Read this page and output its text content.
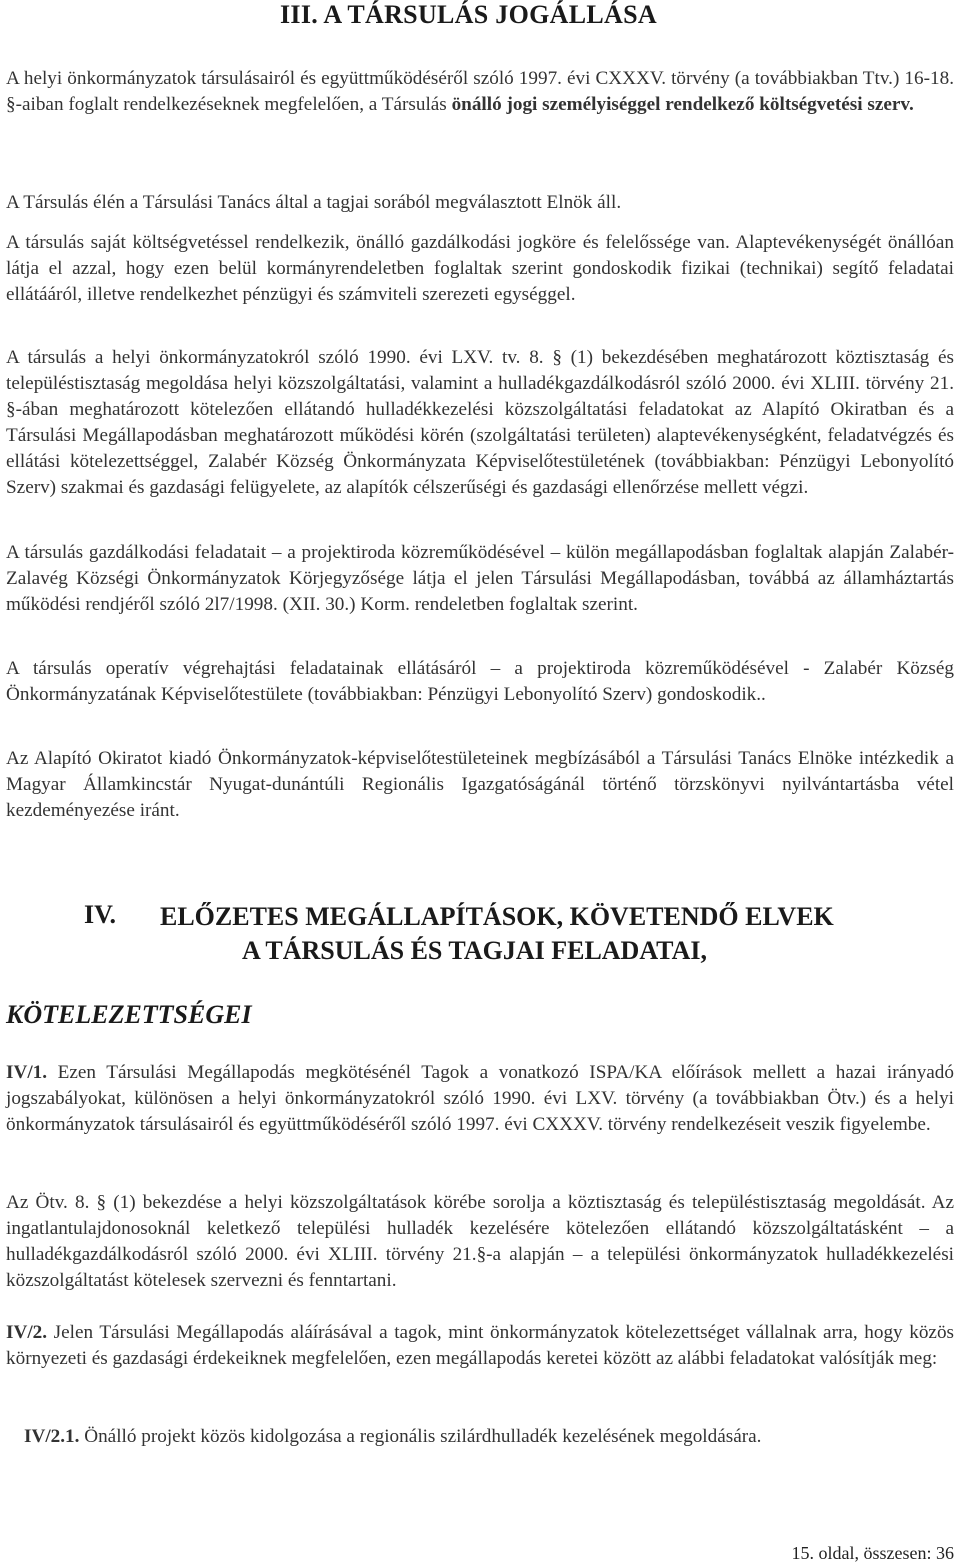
III. A TÁRSULÁS JOGÁLLÁSA

A helyi önkormányzatok társulásairól és együttműködéséről szóló 1997. évi CXXXV. törvény (a továbbiakban Ttv.) 16-18. §-aiban foglalt rendelkezéseknek megfelelően, a Társulás önálló jogi személyiséggel rendelkező költségvetési szerv.

A Társulás élén a Társulási Tanács által a tagjai sorából megválasztott Elnök áll.

A társulás saját költségvetéssel rendelkezik, önálló gazdálkodási jogköre és felelőssége van. Alaptevékenységét önállóan látja el azzal, hogy ezen belül kormányrendeletben foglaltak szerint gondoskodik fizikai (technikai) segítő feladatai ellátááról, illetve rendelkezhet pénzügyi és számviteli szerezeti egységgel.

A társulás a helyi önkormányzatokról szóló 1990. évi LXV. tv. 8. § (1) bekezdésében meghatározott köztisztaság és településtisztaság megoldása helyi közszolgáltatási, valamint a hulladékgazdálkodásról szóló 2000. évi XLIII. törvény 21. §-ában meghatározott kötelezően ellátandó hulladékkezelési közszolgáltatási feladatokat az Alapító Okiratban és a Társulási Megállapodásban meghatározott működési körén (szolgáltatási területen) alaptevékenységként, feladatvégzés és ellátási kötelezettséggel, Zalabér Község Önkormányzata Képviselőtestületének (továbbiakban: Pénzügyi Lebonyolító Szerv) szakmai és gazdasági felügyelete, az alapítók célszerűségi és gazdasági ellenőrzése mellett végzi.

A társulás gazdálkodási feladatait – a projektiroda közreműködésével – külön megállapodásban foglaltak alapján Zalabér-Zalavég Községi Önkormányzatok Körjegyzősége látja el jelen Társulási Megállapodásban, továbbá az államháztartás működési rendjéről szóló 2l7/1998. (XII. 30.) Korm. rendeletben foglaltak szerint.

A társulás operatív végrehajtási feladatainak ellátásáról – a projektiroda közreműködésével - Zalabér Község Önkormányzatának Képviselőtestülete (továbbiakban: Pénzügyi Lebonyolító Szerv) gondoskodik..

Az Alapító Okiratot kiadó Önkormányzatok-képviselőtestületeinek megbízásából a Társulási Tanács Elnöke intézkedik a Magyar Államkincstár Nyugat-dunántúli Regionális Igazgatóságánál történő törzskönyvi nyilvántartásba vétel kezdeményezése iránt.

IV. ELŐZETES MEGÁLLAPÍTÁSOK, KÖVETENDŐ ELVEK
A TÁRSULÁS ÉS TAGJAI FELADATAI,
KÖTELEZETTSÉGEI

IV/1. Ezen Társulási Megállapodás megkötésénél Tagok a vonatkozó ISPA/KA előírások mellett a hazai irányadó jogszabályokat, különösen a helyi önkormányzatokról szóló 1990. évi LXV. törvény (a továbbiakban Ötv.) és a helyi önkormányzatok társulásairól és együttműködéséről szóló 1997. évi CXXXV. törvény rendelkezéseit veszik figyelembe.

Az Ötv. 8. § (1) bekezdése a helyi közszolgáltatások körébe sorolja a köztisztaság és településtisztaság megoldását. Az ingatlantulajdonosoknál keletkező települési hulladék kezelésére kötelezően ellátandó közszolgáltatásként – a hulladékgazdálkodásról szóló 2000. évi XLIII. törvény 21.§-a alapján – a települési önkormányzatok hulladékkezelési közszolgáltatást kötelesek szervezni és fenntartani.

IV/2. Jelen Társulási Megállapodás aláírásával a tagok, mint önkormányzatok kötelezettséget vállalnak arra, hogy közös környezeti és gazdasági érdekeiknek megfelelően, ezen megállapodás keretei között az alábbi feladatokat valósítják meg:

IV/2.1. Önálló projekt közös kidolgozása a regionális szilárdhulladék kezelésének megoldására.

15. oldal, összesen: 36
